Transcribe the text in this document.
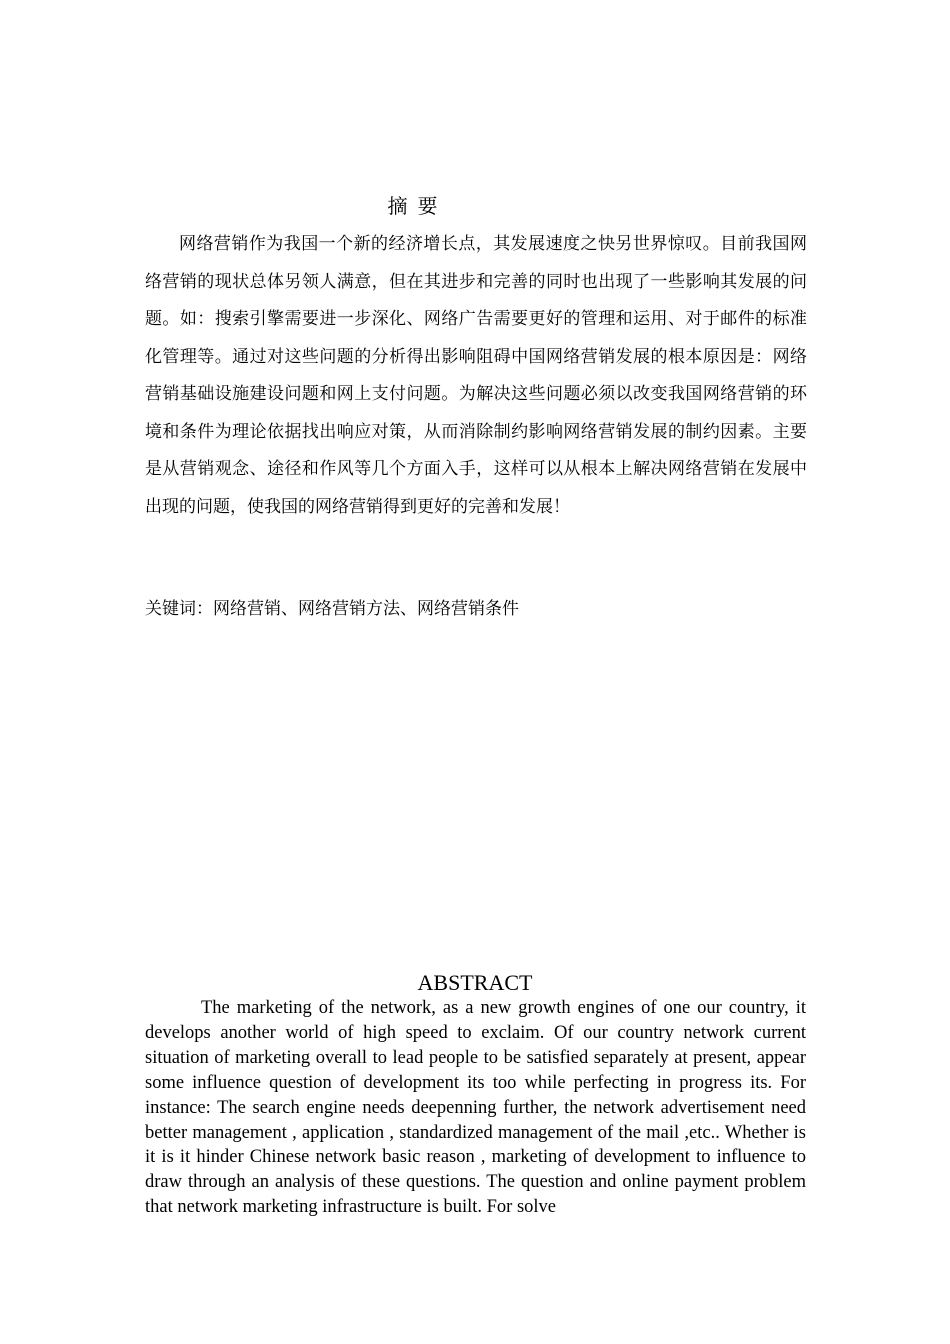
摘要

网络营销作为我国一个新的经济增长点，其发展速度之快另世界惊叹。目前我国网络营销的现状总体另领人满意，但在其进步和完善的同时也出现了一些影响其发展的问题。如：搜索引擎需要进一步深化、网络广告需要更好的管理和运用、对于邮件的标准化管理等。通过对这些问题的分析得出影响阻碍中国网络营销发展的根本原因是：网络营销基础设施建设问题和网上支付问题。为解决这些问题必须以改变我国网络营销的环境和条件为理论依据找出响应对策，从而消除制约影响网络营销发展的制约因素。主要是从营销观念、途径和作风等几个方面入手，这样可以从根本上解决网络营销在发展中出现的问题，使我国的网络营销得到更好的完善和发展！

关键词：网络营销、网络营销方法、网络营销条件

ABSTRACT

The marketing of the network, as a new growth engines of one our country, it develops another world of high speed to exclaim. Of our country network current situation of marketing overall to lead people to be satisfied separately at present, appear some influence question of development its too while perfecting in progress its. For instance: The search engine needs deepenning further, the network advertisement need better management , application , standardized management of the mail ,etc.. Whether is it is it hinder Chinese network basic reason , marketing of development to influence to draw through an analysis of these questions. The question and online payment problem that network marketing infrastructure is built. For solve
